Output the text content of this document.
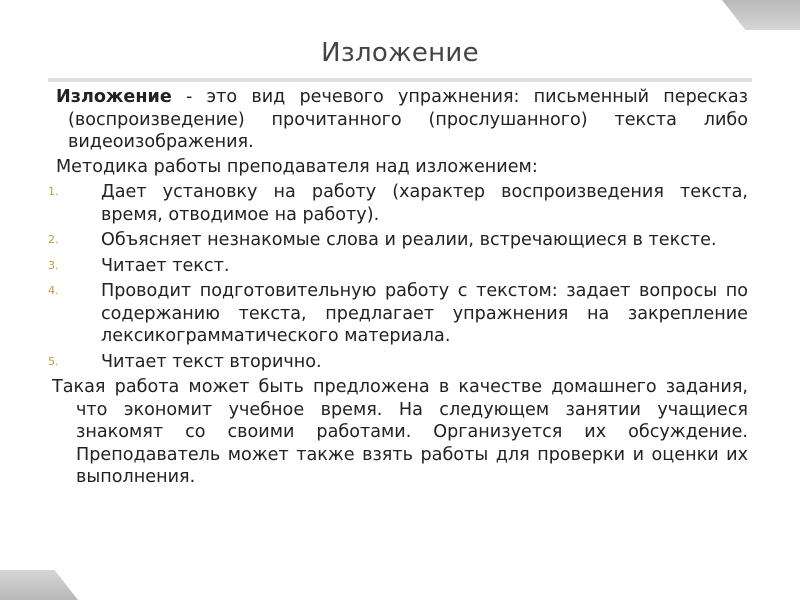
Изложение

Изложение - это вид речевого упражнения: письменный пересказ (воспроизведение) прочитанного (прослушанного) текста либо видеоизображения.

Методика работы преподавателя над изложением:

1. Дает установку на работу (характер воспроизведения текста, время, отводимое на работу).
2. Объясняет незнакомые слова и реалии, встречающиеся в тексте.
3. Читает текст.
4. Проводит подготовительную работу с текстом: задает вопросы по содержанию текста, предлагает упражнения на закрепление лексикограмматического материала.
5. Читает текст вторично.

Такая работа может быть предложена в качестве домашнего задания, что экономит учебное время. На следующем занятии учащиеся знакомят со своими работами. Организуется их обсуждение. Преподаватель может также взять работы для проверки и оценки их выполнения.
